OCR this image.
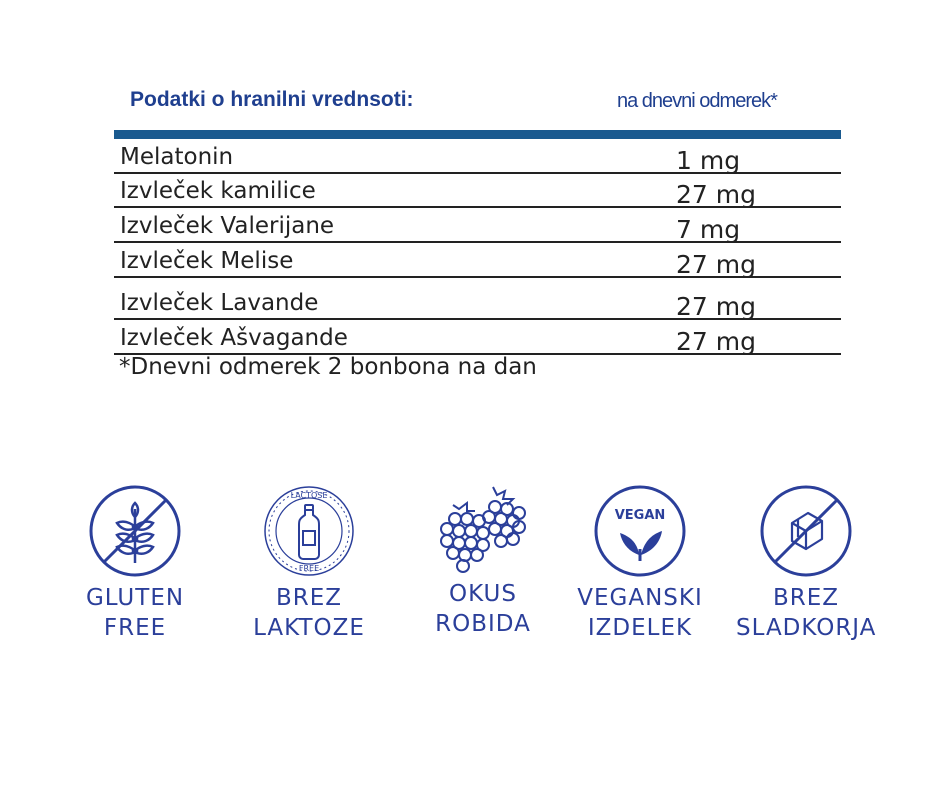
Podatki o hranilni vrednsoti:	na dnevni odmerek*
Melatonin	1 mg
Izvleček kamilice	27 mg
Izvleček Valerijane	7 mg
Izvleček Melise	27 mg
Izvleček Lavande	27 mg
Izvleček Ašvagande	27 mg
*Dnevni odmerek 2 bonbona na dan
GLUTEN
FREE
LACTOSE
FREE
BREZ
LAKTOZE
OKUS
ROBIDA
VEGAN
VEGANSKI
IZDELEK
BREZ
SLADKORJA
